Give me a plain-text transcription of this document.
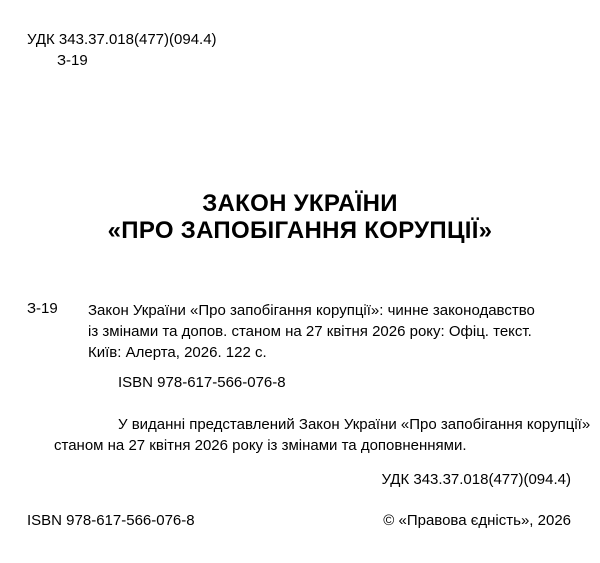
УДК 343.37.018(477)(094.4)
З-19
ЗАКОН УКРАЇНИ
«ПРО ЗАПОБІГАННЯ КОРУПЦІЇ»
З-19 Закон України «Про запобігання корупції»: чинне законодавство
із змінами та допов. станом на 27 квітня 2026 року: Офіц. текст.
Київ: Алерта, 2026. 122 с.
ISBN 978-617-566-076-8
У виданні представлений Закон України «Про запобігання корупції»
станом на 27 квітня 2026 року із змінами та доповненнями.
УДК 343.37.018(477)(094.4)
ISBN 978-617-566-076-8	© «Правова єдність», 2026
